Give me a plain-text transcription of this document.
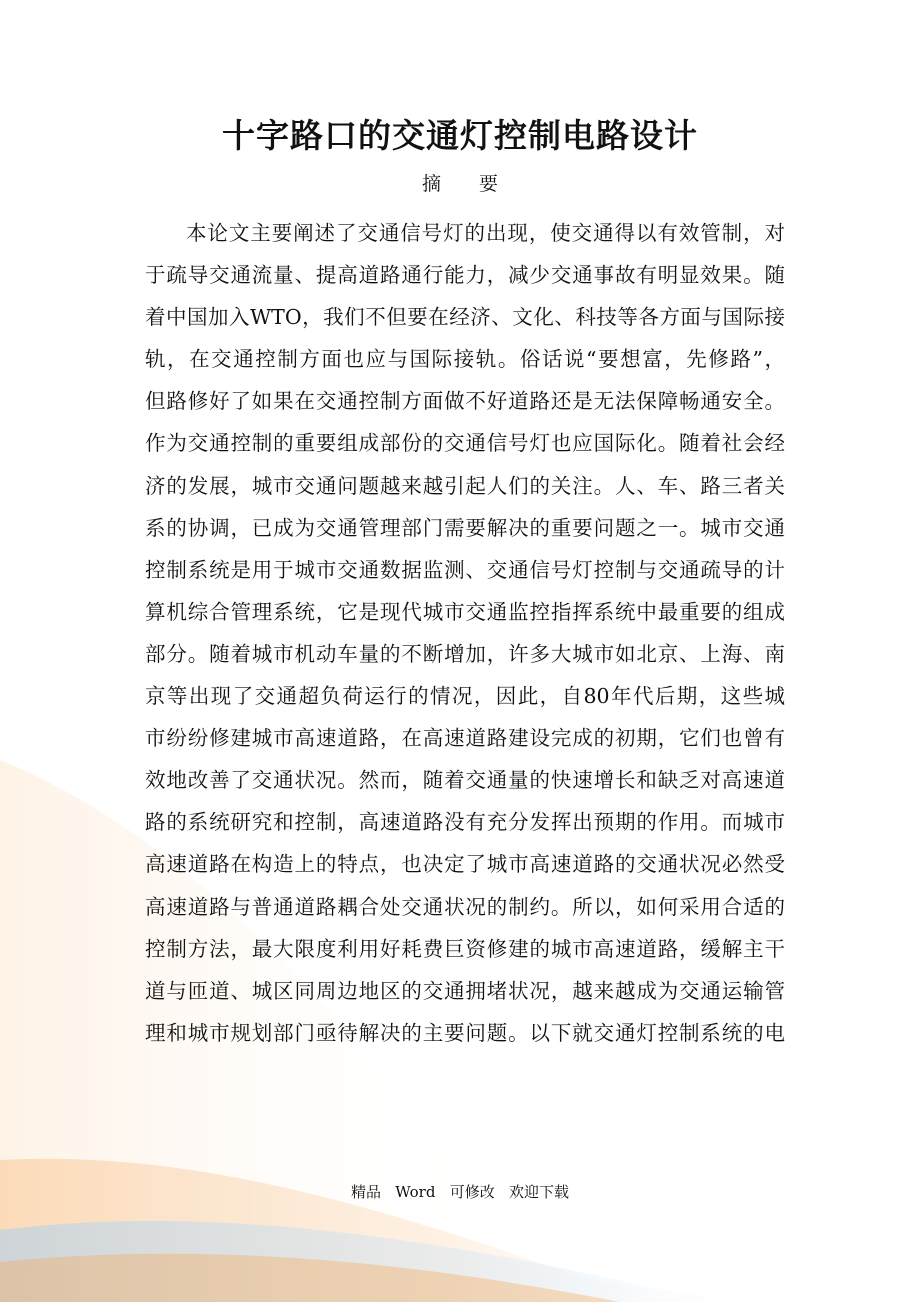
十字路口的交通灯控制电路设计
摘 要
本论文主要阐述了交通信号灯的出现，使交通得以有效管制，对
于疏导交通流量、提高道路通行能力，减少交通事故有明显效果。随
着中国加入WTO，我们不但要在经济、文化、科技等各方面与国际接
轨，在交通控制方面也应与国际接轨。俗话说“要想富，先修路”，
但路修好了如果在交通控制方面做不好道路还是无法保障畅通安全。
作为交通控制的重要组成部份的交通信号灯也应国际化。随着社会经
济的发展，城市交通问题越来越引起人们的关注。人、车、路三者关
系的协调，已成为交通管理部门需要解决的重要问题之一。城市交通
控制系统是用于城市交通数据监测、交通信号灯控制与交通疏导的计
算机综合管理系统，它是现代城市交通监控指挥系统中最重要的组成
部分。随着城市机动车量的不断增加，许多大城市如北京、上海、南
京等出现了交通超负荷运行的情况，因此，自80年代后期，这些城
市纷纷修建城市高速道路，在高速道路建设完成的初期，它们也曾有
效地改善了交通状况。然而，随着交通量的快速增长和缺乏对高速道
路的系统研究和控制，高速道路没有充分发挥出预期的作用。而城市
高速道路在构造上的特点，也决定了城市高速道路的交通状况必然受
高速道路与普通道路耦合处交通状况的制约。所以，如何采用合适的
控制方法，最大限度利用好耗费巨资修建的城市高速道路，缓解主干
道与匝道、城区同周边地区的交通拥堵状况，越来越成为交通运输管
理和城市规划部门亟待解决的主要问题。以下就交通灯控制系统的电
精品   Word   可修改   欢迎下载
